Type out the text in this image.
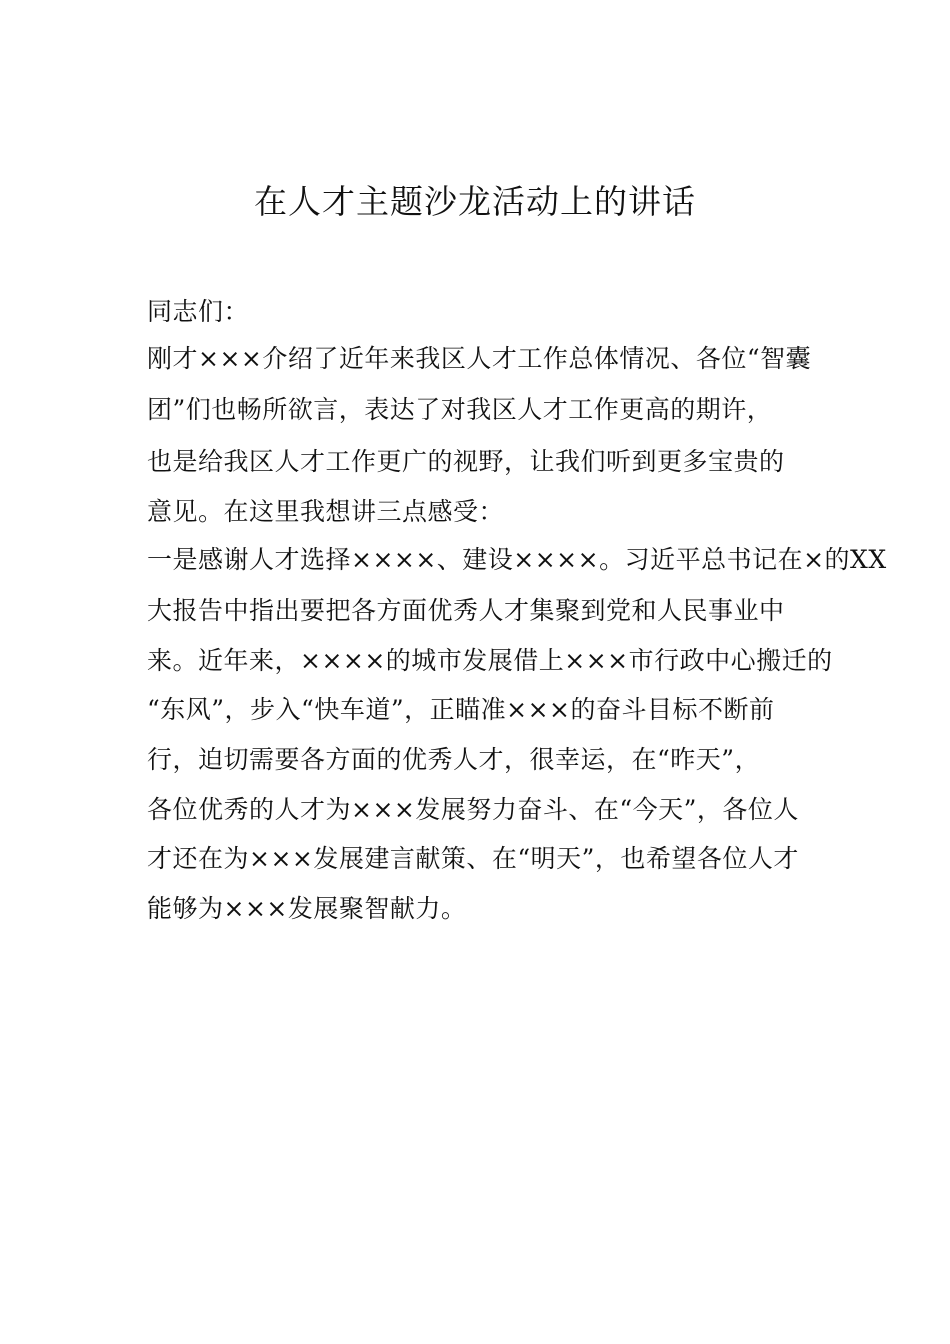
在人才主题沙龙活动上的讲话
同志们：
刚才×××介绍了近年来我区人才工作总体情况、各位“智囊
团”们也畅所欲言，表达了对我区人才工作更高的期许，
也是给我区人才工作更广的视野，让我们听到更多宝贵的
意见。在这里我想讲三点感受：
一是感谢人才选择××××、建设××××。习近平总书记在×的XX
大报告中指出要把各方面优秀人才集聚到党和人民事业中
来。近年来，××××的城市发展借上×××市行政中心搬迁的
“东风”，步入“快车道”，正瞄准×××的奋斗目标不断前
行，迫切需要各方面的优秀人才，很幸运，在“昨天”，
各位优秀的人才为×××发展努力奋斗、在“今天”，各位人
才还在为×××发展建言献策、在“明天”，也希望各位人才
能够为×××发展聚智献力。
